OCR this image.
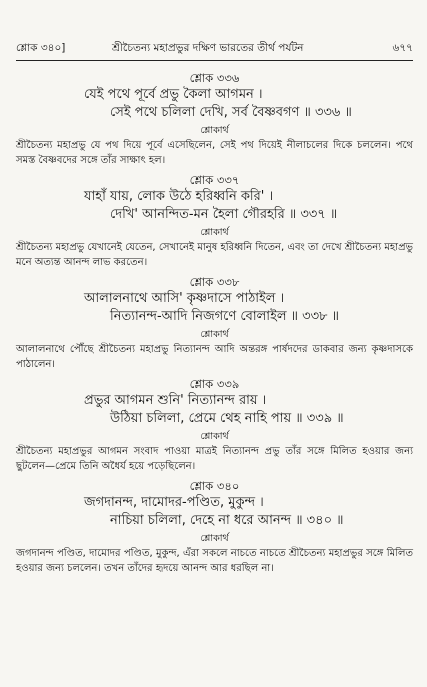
শ্লোক ৩৪০]	শ্রীচৈতন্য মহাপ্রভুর দক্ষিণ ভারতের তীর্থ পর্যটন	৬৭৭

শ্লোক ৩৩৬

যেই পথে পূর্বে প্রভু কৈলা আগমন ।

সেই পথে চলিলা দেখি, সর্ব বৈষ্ণবগণ ॥ ৩৩৬ ॥

শ্লোকার্থ

শ্রীচৈতন্য মহাপ্রভু যে পথ দিয়ে পূর্বে এসেছিলেন, সেই পথ দিয়েই নীলাচলের দিকে চললেন। পথে সমস্ত বৈষ্ণবদের সঙ্গে তাঁর সাক্ষাৎ হল।

শ্লোক ৩৩৭

যাহাঁ যায়, লোক উঠে হরিধ্বনি করি' ।

দেখি' আনন্দিত-মন হৈলা গৌরহরি ॥ ৩৩৭ ॥

শ্লোকার্থ

শ্রীচৈতন্য মহাপ্রভু যেখানেই যেতেন, সেখানেই মানুষ হরিধ্বনি দিতেন, এবং তা দেখে শ্রীচৈতন্য মহাপ্রভু মনে অত্যন্ত আনন্দ লাভ করতেন।

শ্লোক ৩৩৮

আলালনাথে আসি' কৃষ্ণদাসে পাঠাইল ।

নিত্যানন্দ-আদি নিজগণে বোলাইল ॥ ৩৩৮ ॥

শ্লোকার্থ

আলালনাথে পৌঁছে শ্রীচৈতন্য মহাপ্রভু নিত্যানন্দ আদি অন্তরঙ্গ পার্ষদদের ডাকবার জন্য কৃষ্ণদাসকে পাঠালেন।

শ্লোক ৩৩৯

প্রভুর আগমন শুনি' নিত্যানন্দ রায় ।

উঠিয়া চলিলা, প্রেমে থেহ নাহি পায় ॥ ৩৩৯ ॥

শ্লোকার্থ

শ্রীচৈতন্য মহাপ্রভুর আগমন সংবাদ পাওয়া মাত্রই নিত্যানন্দ প্রভু তাঁর সঙ্গে মিলিত হওয়ার জন্য ছুটলেন—প্রেমে তিনি অধৈর্য হয়ে পড়েছিলেন।

শ্লোক ৩৪০

জগদানন্দ, দামোদর-পণ্ডিত, মুকুন্দ ।

নাচিয়া চলিলা, দেহে না ধরে আনন্দ ॥ ৩৪০ ॥

শ্লোকার্থ

জগদানন্দ পণ্ডিত, দামোদর পণ্ডিত, মুকুন্দ, এঁরা সকলে নাচতে নাচতে শ্রীচৈতন্য মহাপ্রভুর সঙ্গে মিলিত হওয়ার জন্য চললেন। তখন তাঁদের হৃদয়ে আনন্দ আর ধরছিল না।
